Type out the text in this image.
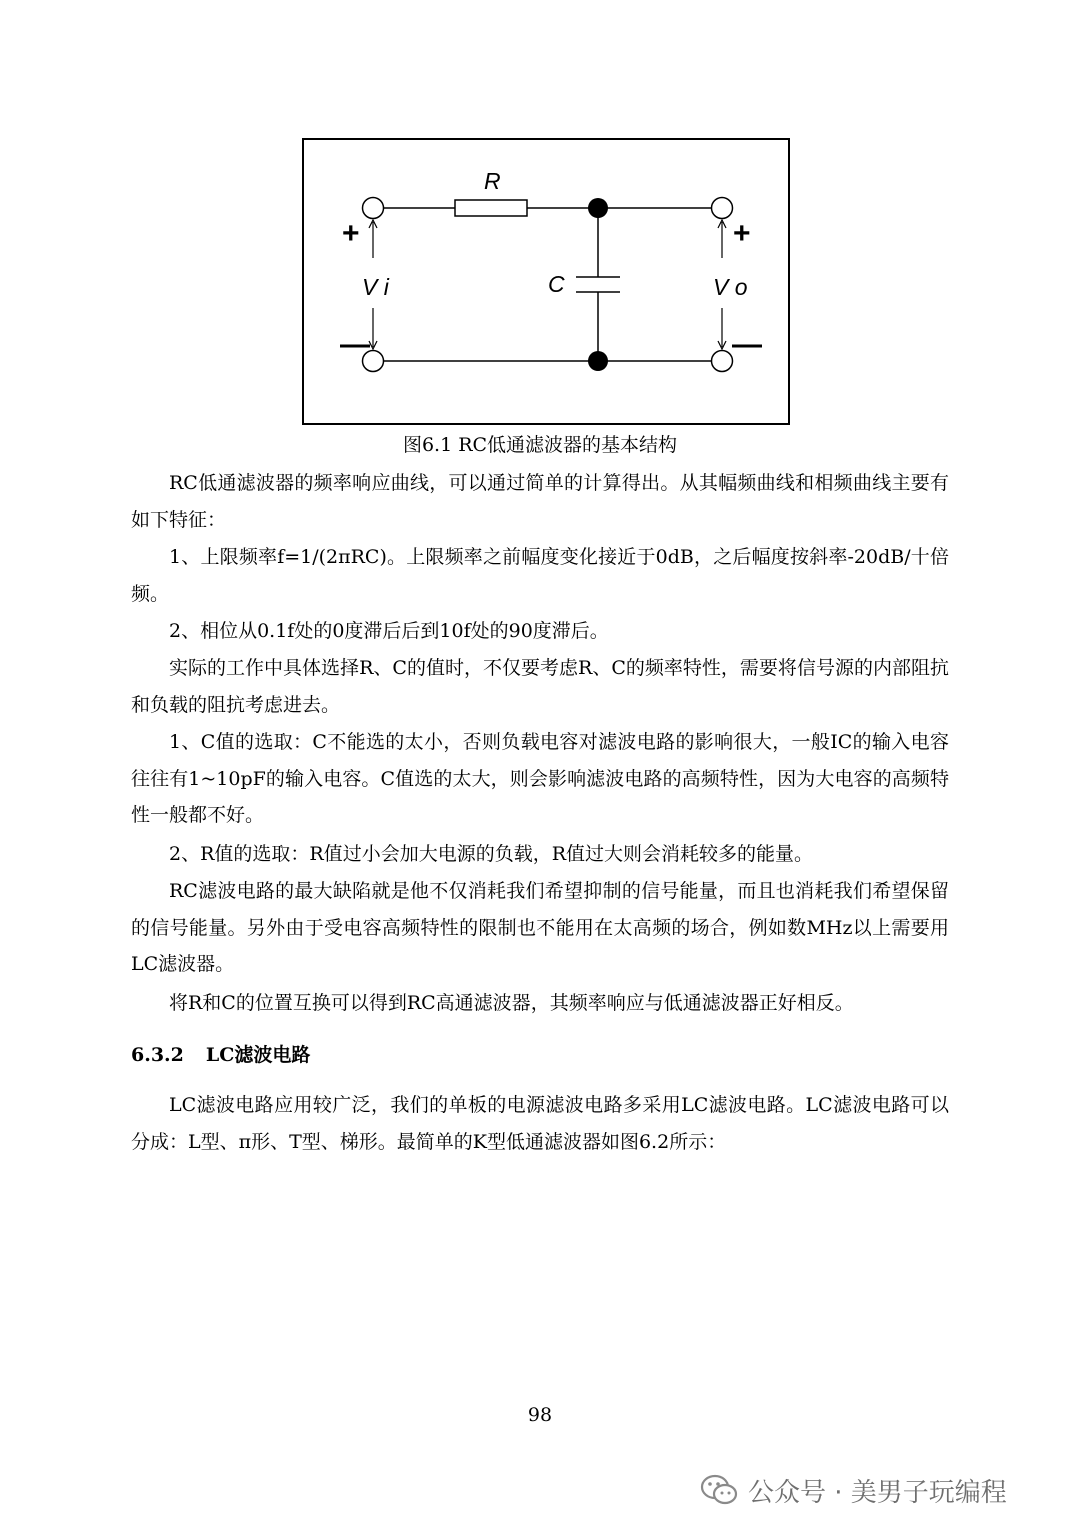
R
C
V i	V o
+	+
—	—
图6.1 RC低通滤波器的基本结构

RC低通滤波器的频率响应曲线，可以通过简单的计算得出。从其幅频曲线和相频曲线主要有如下特征：

1、上限频率f=1/(2πRC)。上限频率之前幅度变化接近于0dB，之后幅度按斜率-20dB/十倍频。

2、相位从0.1f处的0度滞后后到10f处的90度滞后。

实际的工作中具体选择R、C的值时，不仅要考虑R、C的频率特性，需要将信号源的内部阻抗和负载的阻抗考虑进去。

1、C值的选取：C不能选的太小，否则负载电容对滤波电路的影响很大，一般IC的输入电容往往有1~10pF的输入电容。C值选的太大，则会影响滤波电路的高频特性，因为大电容的高频特性一般都不好。

2、R值的选取：R值过小会加大电源的负载，R值过大则会消耗较多的能量。

RC滤波电路的最大缺陷就是他不仅消耗我们希望抑制的信号能量，而且也消耗我们希望保留的信号能量。另外由于受电容高频特性的限制也不能用在太高频的场合，例如数MHz以上需要用LC滤波器。

将R和C的位置互换可以得到RC高通滤波器，其频率响应与低通滤波器正好相反。

6.3.2 LC滤波电路

LC滤波电路应用较广泛，我们的单板的电源滤波电路多采用LC滤波电路。LC滤波电路可以分成：L型、π形、T型、梯形。最简单的K型低通滤波器如图6.2所示：

98
公众号 · 美男子玩编程
